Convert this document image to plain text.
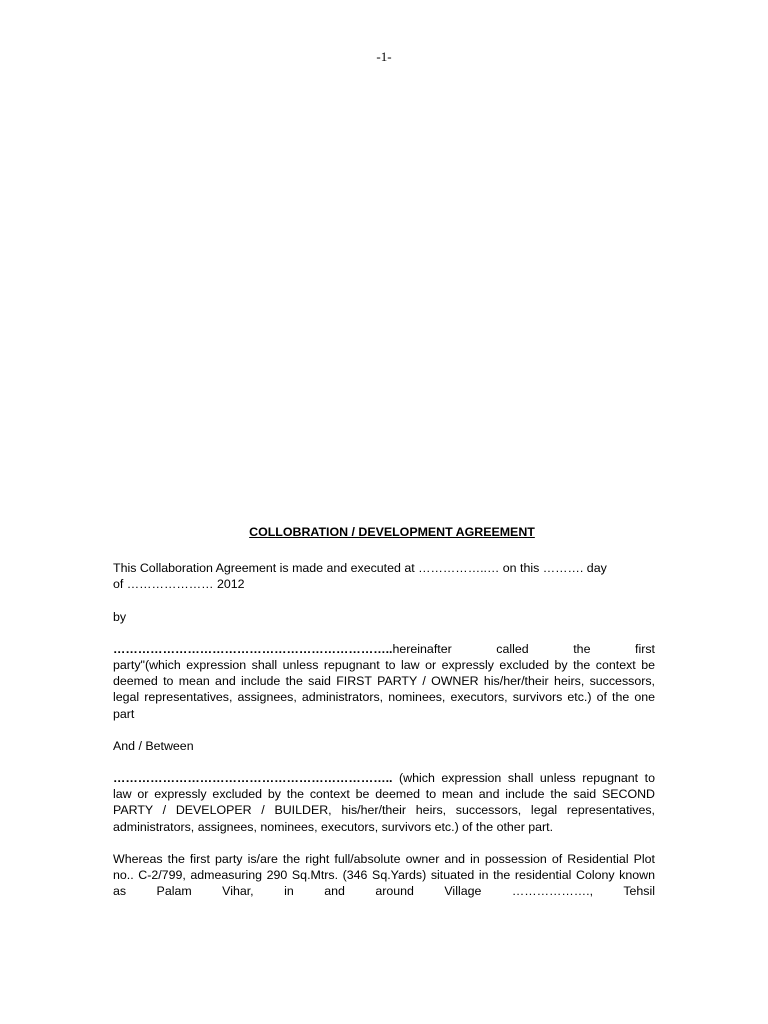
-1-
COLLOBRATION / DEVELOPMENT AGREEMENT
This Collaboration Agreement is made and executed at ……………..… on this ………. day
of ………………… 2012
by
…………………………………………………………..hereinafter	called	the	first
party"(which expression shall unless repugnant to law or expressly excluded by the context be deemed to mean and include the said FIRST PARTY / OWNER his/her/their heirs, successors, legal representatives, assignees, administrators, nominees, executors, survivors etc.) of the one part
And / Between
………………………………………………………….. (which expression shall unless repugnant to law or expressly excluded by the context be deemed to mean and include the said SECOND PARTY / DEVELOPER / BUILDER, his/her/their heirs, successors, legal representatives, administrators, assignees, nominees, executors, survivors etc.) of the other part.
Whereas the first party is/are the right full/absolute owner and in possession of Residential Plot no.. C-2/799, admeasuring 290 Sq.Mtrs. (346 Sq.Yards) situated in the residential Colony known as Palam Vihar, in and around Village ………………., Tehsil
